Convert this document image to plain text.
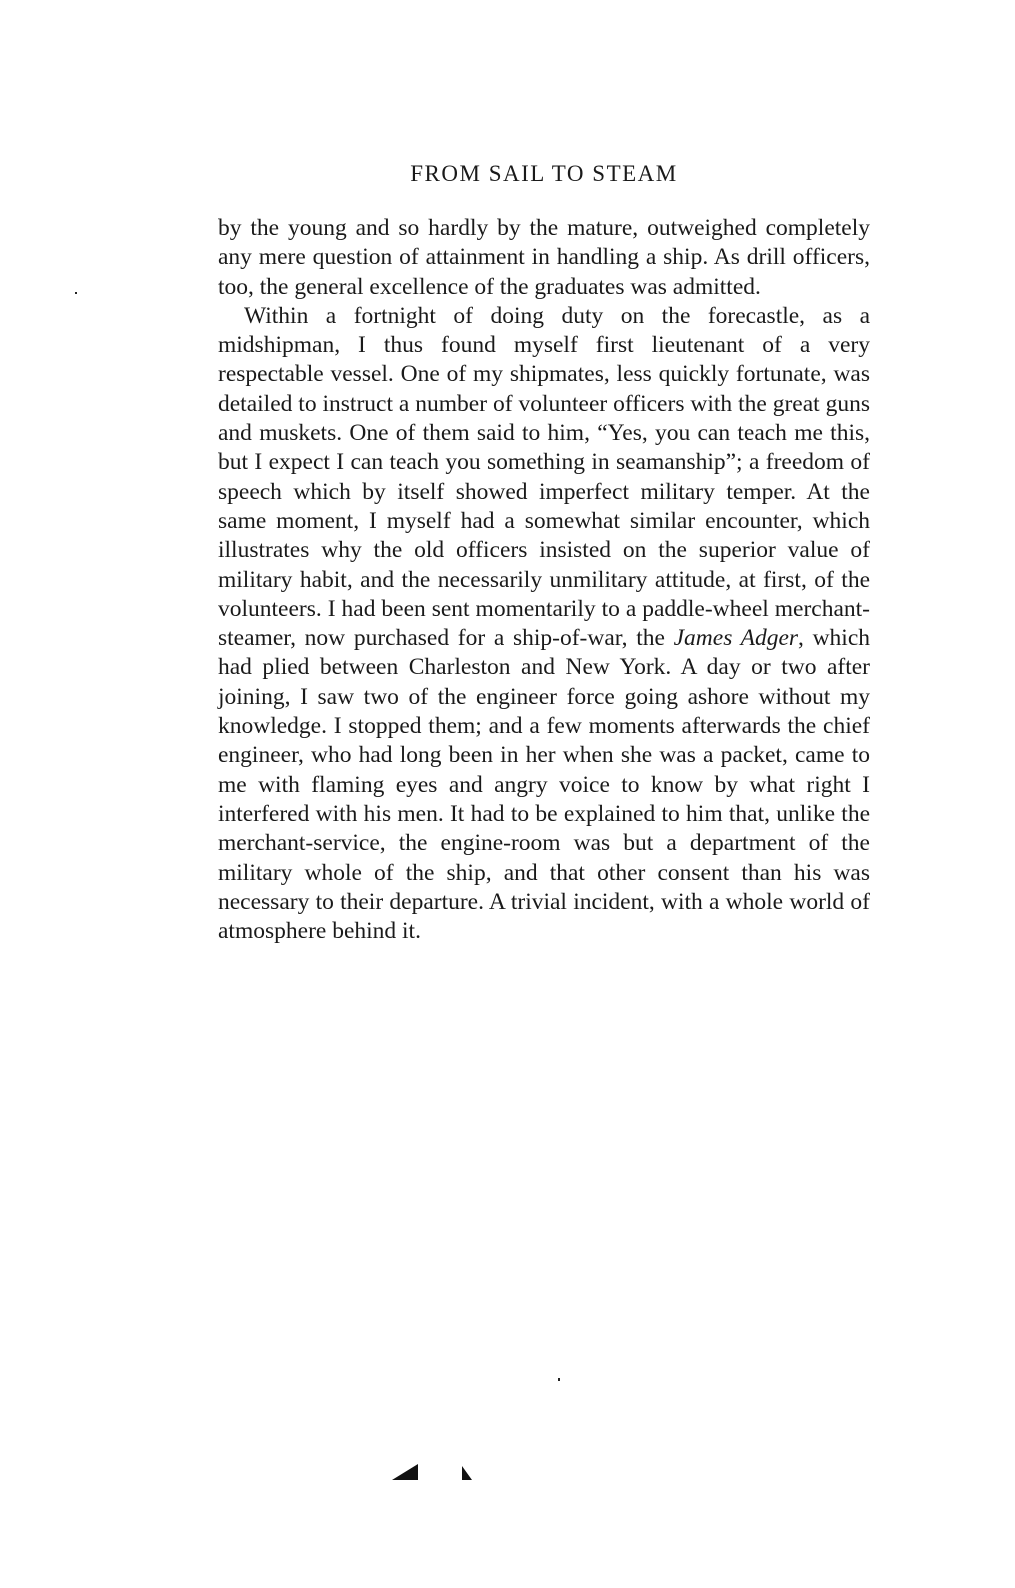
FROM SAIL TO STEAM

by the young and so hardly by the mature, outweighed completely any mere question of attainment in handling a ship. As drill officers, too, the general excellence of the graduates was admitted.

Within a fortnight of doing duty on the forecastle, as a midshipman, I thus found myself first lieutenant of a very respectable vessel. One of my shipmates, less quickly fortunate, was detailed to instruct a number of volunteer officers with the great guns and muskets. One of them said to him, “Yes, you can teach me this, but I expect I can teach you something in seamanship”; a freedom of speech which by itself showed imperfect military temper. At the same moment, I myself had a somewhat similar encounter, which illustrates why the old officers insisted on the superior value of military habit, and the necessarily unmilitary attitude, at first, of the volunteers. I had been sent momentarily to a paddle-wheel merchant-steamer, now purchased for a ship-of-war, the James Adger, which had plied between Charleston and New York. A day or two after joining, I saw two of the engineer force going ashore without my knowledge. I stopped them; and a few moments afterwards the chief engineer, who had long been in her when she was a packet, came to me with flaming eyes and angry voice to know by what right I interfered with his men. It had to be explained to him that, unlike the merchant-service, the engine-room was but a department of the military whole of the ship, and that other consent than his was necessary to their departure. A trivial incident, with a whole world of atmosphere behind it.
